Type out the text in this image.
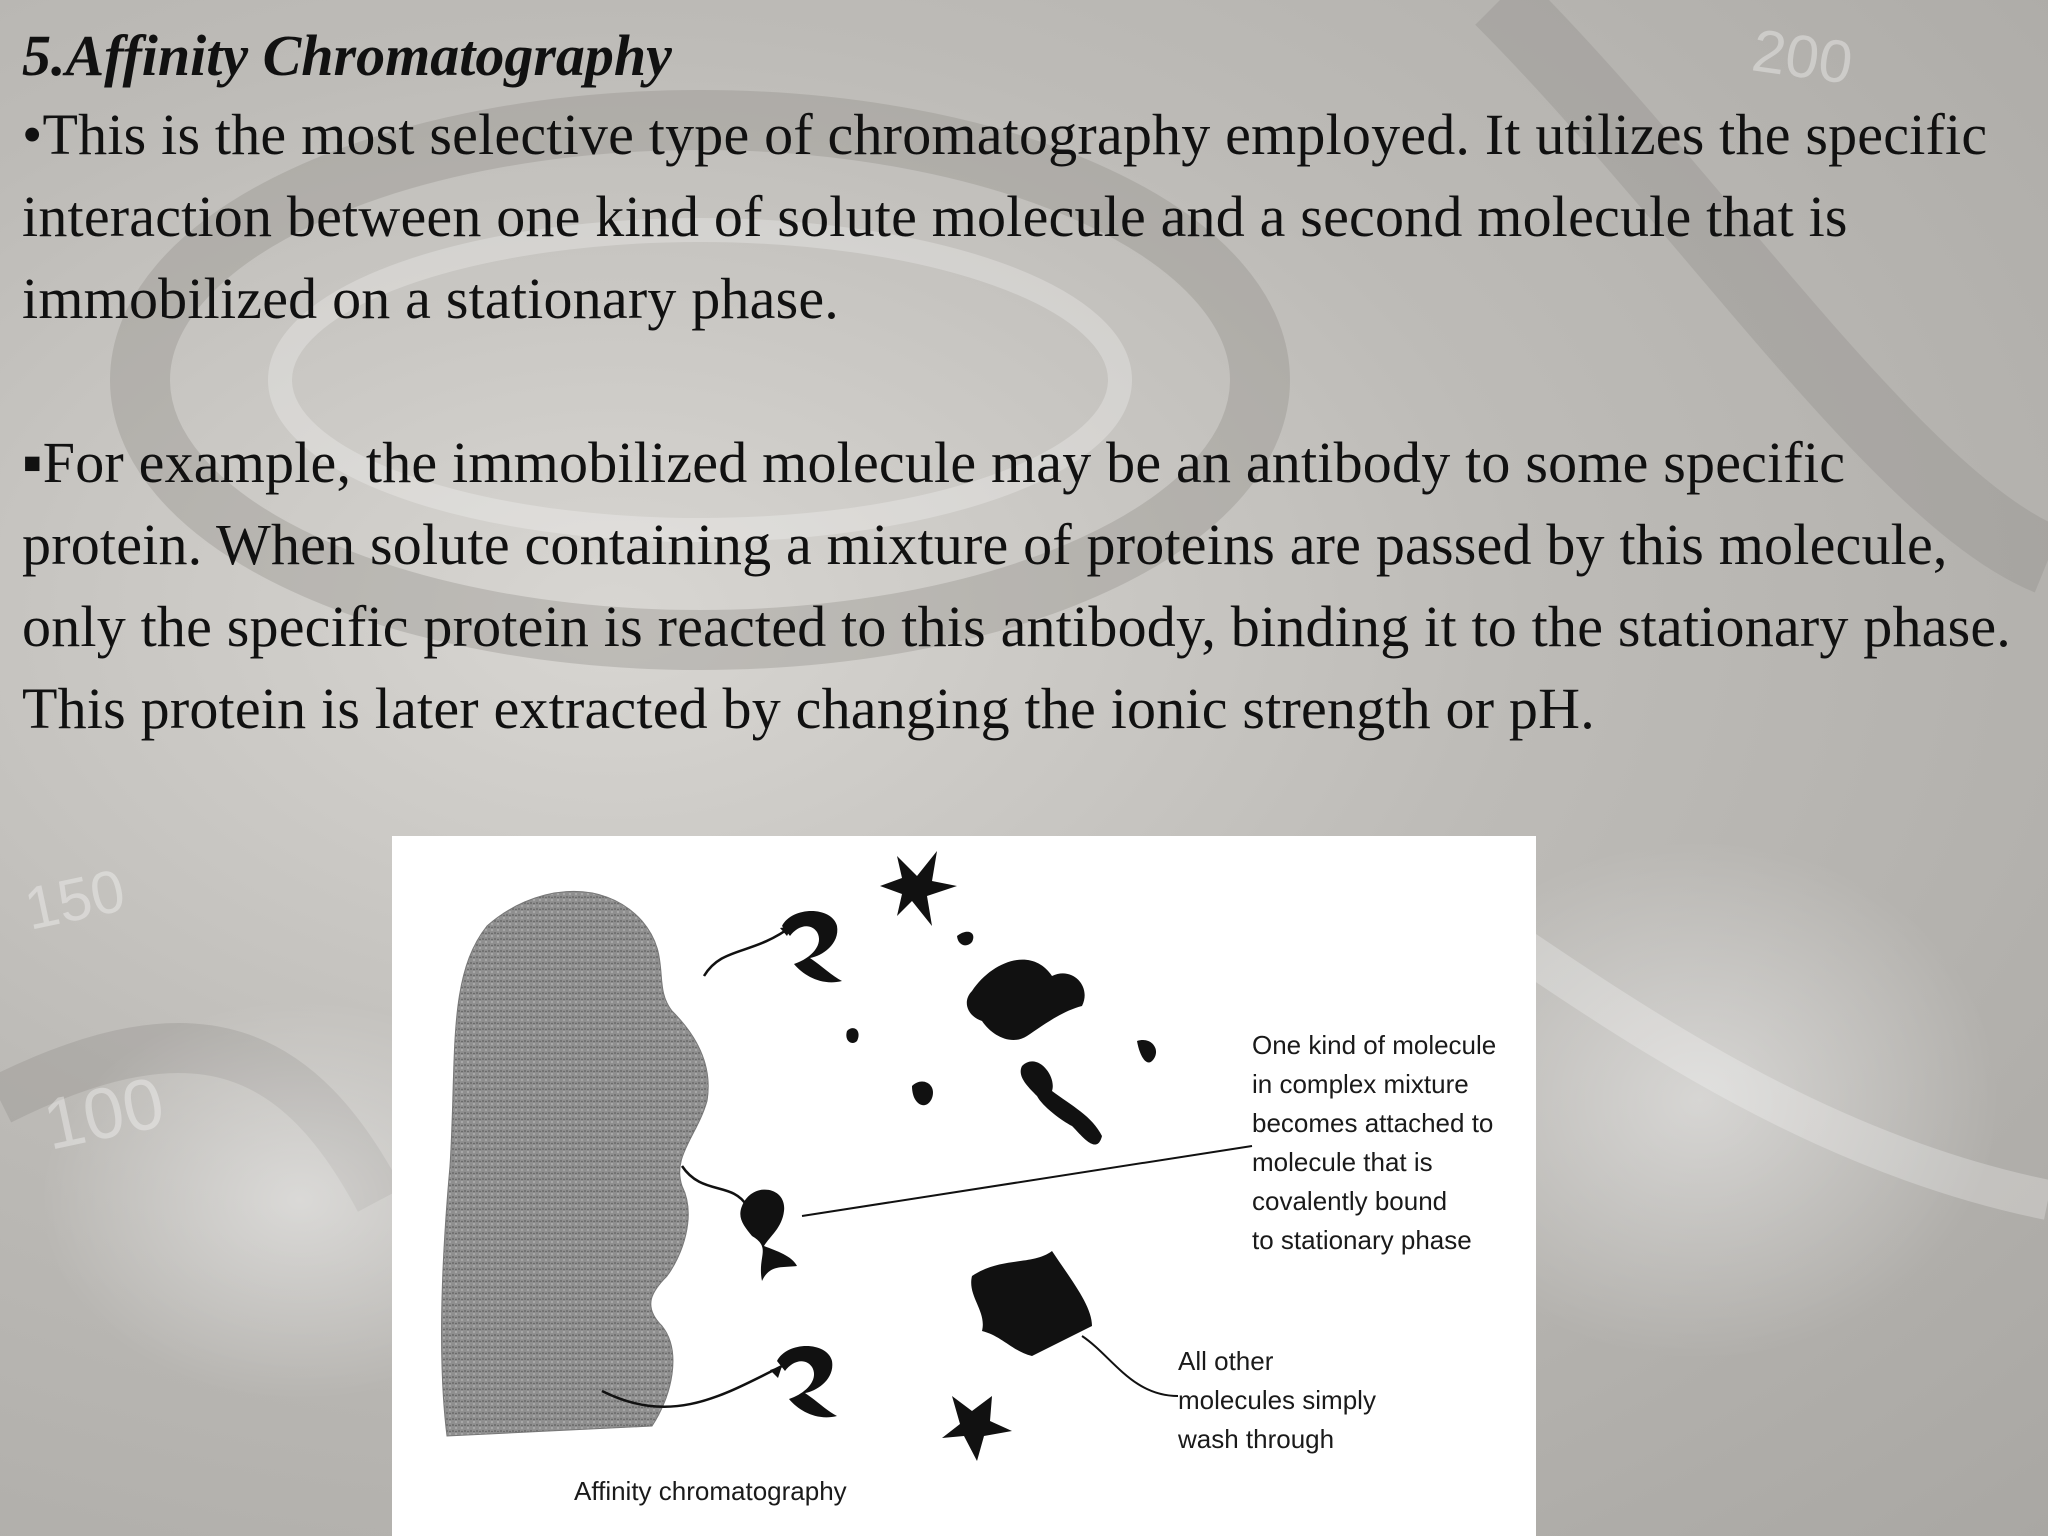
100
150
200
5.Affinity Chromatography

•This is the most selective type of chromatography employed. It utilizes the specific interaction between one kind of solute molecule and a second molecule that is immobilized on a stationary phase.

▪For example, the immobilized molecule may be an antibody to some specific protein. When solute containing a mixture of proteins are passed by this molecule, only the specific protein is reacted to this antibody, binding it to the stationary phase. This protein is later extracted by changing the ionic strength or pH.

One kind of molecule
in complex mixture
becomes attached to
molecule that is
covalently bound
to stationary phase

All other
molecules simply
wash through

Affinity chromatography
